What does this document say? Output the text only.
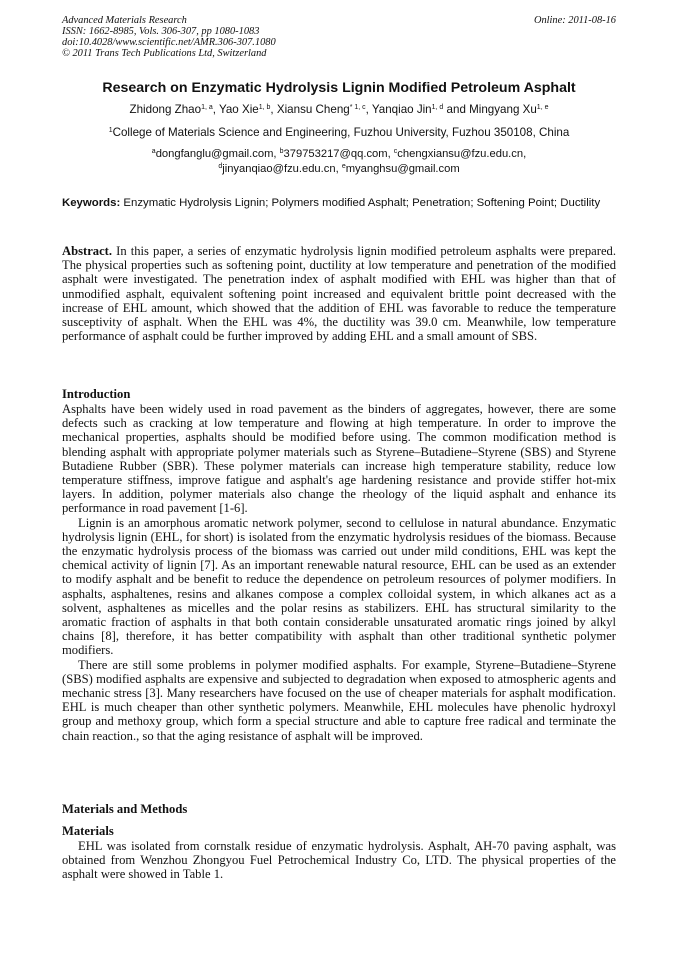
Advanced Materials Research
ISSN: 1662-8985, Vols. 306-307, pp 1080-1083
doi:10.4028/www.scientific.net/AMR.306-307.1080
© 2011 Trans Tech Publications Ltd, Switzerland
Online: 2011-08-16
Research on Enzymatic Hydrolysis Lignin Modified Petroleum Asphalt
Zhidong Zhao$^{1, a}$, Yao Xie$^{1, b}$, Xiansu Cheng$^{* 1, c}$, Yanqiao Jin$^{1, d}$ and Mingyang Xu$^{1, e}$
$^1$College of Materials Science and Engineering, Fuzhou University, Fuzhou 350108, China
$^a$dongfanglu@gmail.com, $^b$379753217@qq.com, $^c$chengxiansu@fzu.edu.cn,
$^d$jinyanqiao@fzu.edu.cn, $^e$myanghsu@gmail.com
Keywords: Enzymatic Hydrolysis Lignin; Polymers modified Asphalt; Penetration; Softening Point; Ductility

Abstract. In this paper, a series of enzymatic hydrolysis lignin modified petroleum asphalts were prepared. The physical properties such as softening point, ductility at low temperature and penetration of the modified asphalt were investigated. The penetration index of asphalt modified with EHL was higher than that of unmodified asphalt, equivalent softening point increased and equivalent brittle point decreased with the increase of EHL amount, which showed that the addition of EHL was favorable to reduce the temperature susceptivity of asphalt. When the EHL was 4%, the ductility was 39.0 cm. Meanwhile, low temperature performance of asphalt could be further improved by adding EHL and a small amount of SBS.

Introduction

Asphalts have been widely used in road pavement as the binders of aggregates, however, there are some defects such as cracking at low temperature and flowing at high temperature. In order to improve the mechanical properties, asphalts should be modified before using. The common modification method is blending asphalt with appropriate polymer materials such as Styrene–Butadiene–Styrene (SBS) and Styrene Butadiene Rubber (SBR). These polymer materials can increase high temperature stability, reduce low temperature stiffness, improve fatigue and asphalt's age hardening resistance and provide stiffer hot-mix layers. In addition, polymer materials also change the rheology of the liquid asphalt and enhance its performance in road pavement [1-6].

Lignin is an amorphous aromatic network polymer, second to cellulose in natural abundance. Enzymatic hydrolysis lignin (EHL, for short) is isolated from the enzymatic hydrolysis residues of the biomass. Because the enzymatic hydrolysis process of the biomass was carried out under mild conditions, EHL was kept the chemical activity of lignin [7]. As an important renewable natural resource, EHL can be used as an extender to modify asphalt and be benefit to reduce the dependence on petroleum resources of polymer modifiers. In asphalts, asphaltenes, resins and alkanes compose a complex colloidal system, in which alkanes act as a solvent, asphaltenes as micelles and the polar resins as stabilizers. EHL has structural similarity to the aromatic fraction of asphalts in that both contain considerable unsaturated aromatic rings joined by alkyl chains [8], therefore, it has better compatibility with asphalt than other traditional synthetic polymer modifiers.

There are still some problems in polymer modified asphalts. For example, Styrene–Butadiene–Styrene (SBS) modified asphalts are expensive and subjected to degradation when exposed to atmospheric agents and mechanic stress [3]. Many researchers have focused on the use of cheaper materials for asphalt modification. EHL is much cheaper than other synthetic polymers. Meanwhile, EHL molecules have phenolic hydroxyl group and methoxy group, which form a special structure and able to capture free radical and terminate the chain reaction., so that the aging resistance of asphalt will be improved.

Materials and Methods
Materials

EHL was isolated from cornstalk residue of enzymatic hydrolysis. Asphalt, AH-70 paving asphalt, was obtained from Wenzhou Zhongyou Fuel Petrochemical Industry Co, LTD. The physical properties of the asphalt were showed in Table 1.
